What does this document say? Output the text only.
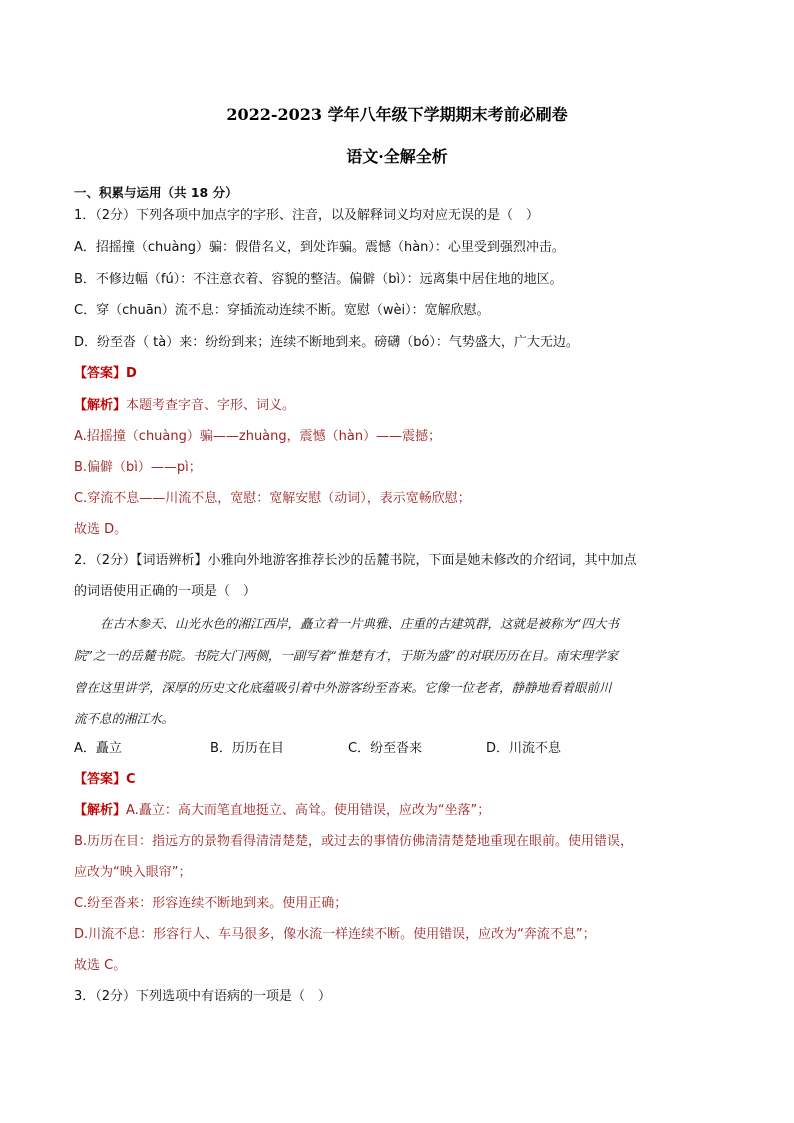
2022-2023 学年八年级下学期期末考前必刷卷
语文·全解全析
一、积累与运用（共 18 分）
1．（2分）下列各项中加点字的字形、注音，以及解释词义均对应无误的是（　）
A．招摇撞（chuàng）骗：假借名义，到处诈骗。震憾（hàn）：心里受到强烈冲击。
B．不修边幅（fú）：不注意衣着、容貌的整洁。偏僻（bì）：远离集中居住地的地区。
C．穿（chuān）流不息：穿插流动连续不断。宽慰（wèi）：宽解欣慰。
D．纷至沓（ tà）来：纷纷到来；连续不断地到来。磅礴（bó）：气势盛大，广大无边。
【答案】D
【解析】本题考查字音、字形、词义。
A.招摇撞（chuàng）骗——zhuàng，震憾（hàn）——震撼；
B.偏僻（bì）——pì；
C.穿流不息——川流不息，宽慰：宽解安慰（动词），表示宽畅欣慰；
故选 D。
2．（2分）【词语辨析】小雅向外地游客推荐长沙的岳麓书院，下面是她未修改的介绍词，其中加点
的词语使用正确的一项是（　）
在古木参天、山光水色的湘江西岸，矗立着一片典雅、庄重的古建筑群，这就是被称为“四大书
院”之一的岳麓书院。书院大门两侧，一副写着“惟楚有才，于斯为盛”的对联历历在目。南宋理学家
曾在这里讲学，深厚的历史文化底蕴吸引着中外游客纷至沓来。它像一位老者，静静地看着眼前川
流不息的湘江水。
A．矗立	B．历历在目	C．纷至沓来	D．川流不息
【答案】C
【解析】A.矗立：高大而笔直地挺立、高耸。使用错误，应改为“坐落”；
B.历历在目：指远方的景物看得清清楚楚，或过去的事情仿佛清清楚楚地重现在眼前。使用错误，
应改为“映入眼帘”；
C.纷至沓来：形容连续不断地到来。使用正确；
D.川流不息：形容行人、车马很多，像水流一样连续不断。使用错误，应改为“奔流不息”；
故选 C。
3．（2分）下列选项中有语病的一项是（　）
